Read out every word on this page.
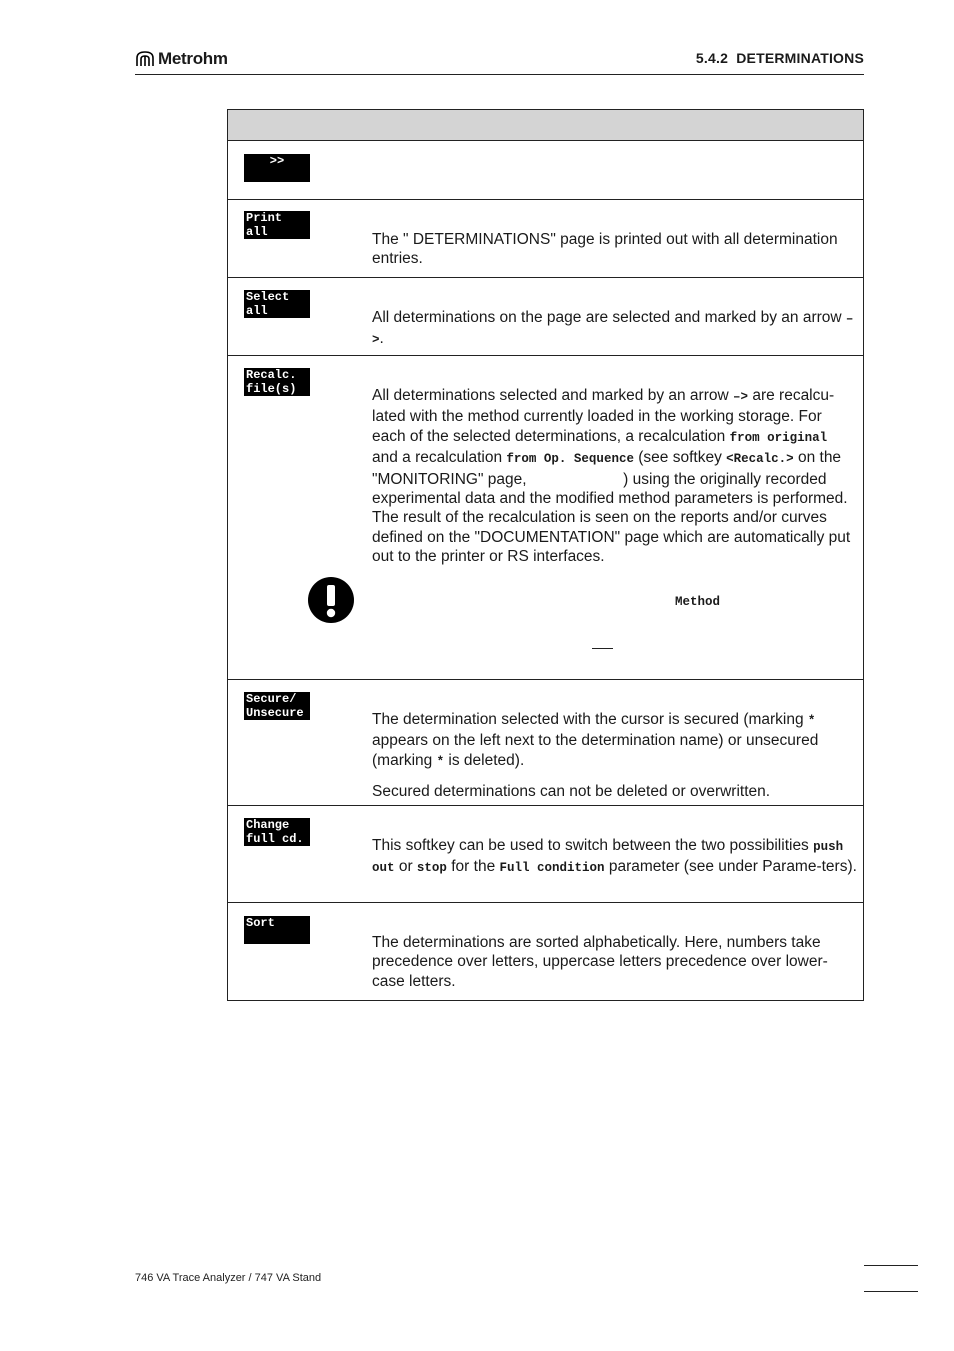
Metrohm	5.4.2  DETERMINATIONS
>>
Print
all	The " DETERMINATIONS" page is printed out with all determination entries.
Select
all	All determinations on the page are selected and marked by an arrow –>.
Recalc.
file(s)	All determinations selected and marked by an arrow –> are recalcu-lated with the method currently loaded in the working storage. For each of the selected determinations, a recalculation from original and a recalculation from Op. Sequence (see softkey <Recalc.> on the "MONITORING" page,	) using the originally recorded experimental data and the modified method parameters is performed. The result of the recalculation is seen on the reports and/or curves defined on the "DOCUMENTATION" page which are automatically put out to the printer or RS interfaces.
Method
Secure/
Unsecure	The determination selected with the cursor is secured (marking * appears on the left next to the determination name) or unsecured (marking * is deleted).

Secured determinations can not be deleted or overwritten.

Change
full cd.	This softkey can be used to switch between the two possibilities push out or stop for the Full condition parameter (see under Parame-ters).
Sort
The determinations are sorted alphabetically. Here, numbers take precedence over letters, uppercase letters precedence over lower-case letters.
746 VA Trace Analyzer / 747 VA Stand
